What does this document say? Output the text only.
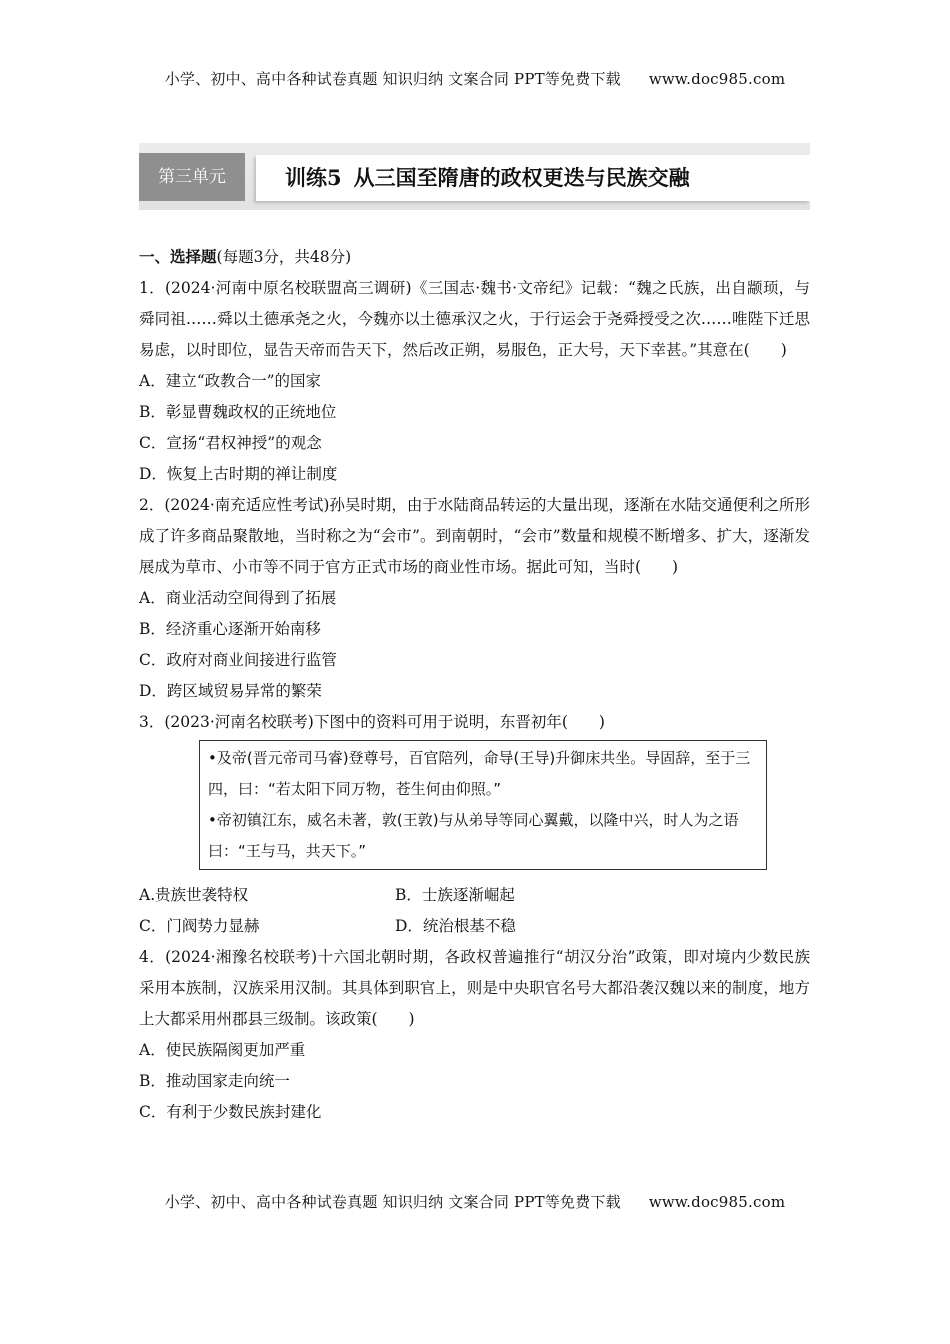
小学、初中、高中各种试卷真题 知识归纳 文案合同 PPT等免费下载 www.doc985.com
第三单元	训练5 从三国至隋唐的政权更迭与民族交融
一、选择题(每题3分，共48分)
1．(2024·河南中原名校联盟高三调研)《三国志·魏书·文帝纪》记载：“魏之氏族，出自颛顼，与舜同祖……舜以土德承尧之火，今魏亦以土德承汉之火，于行运会于尧舜授受之次……唯陛下迁思易虑，以时即位，显告天帝而告天下，然后改正朔，易服色，正大号，天下幸甚。”其意在(　　)
A．建立“政教合一”的国家
B．彰显曹魏政权的正统地位
C．宣扬“君权神授”的观念
D．恢复上古时期的禅让制度
2．(2024·南充适应性考试)孙吴时期，由于水陆商品转运的大量出现，逐渐在水陆交通便利之所形成了许多商品聚散地，当时称之为“会市”。到南朝时，“会市”数量和规模不断增多、扩大，逐渐发展成为草市、小市等不同于官方正式市场的商业性市场。据此可知，当时(　　)
A．商业活动空间得到了拓展
B．经济重心逐渐开始南移
C．政府对商业间接进行监管
D．跨区域贸易异常的繁荣
3．(2023·河南名校联考)下图中的资料可用于说明，东晋初年(　　)

•及帝(晋元帝司马睿)登尊号，百官陪列，命导(王导)升御床共坐。导固辞，至于三四，曰：“若太阳下同万物，苍生何由仰照。”

•帝初镇江东，威名未著，敦(王敦)与从弟导等同心翼戴，以隆中兴，时人为之语曰：“王与马，共天下。”

A.贵族世袭特权	B．士族逐渐崛起
C．门阀势力显赫	D．统治根基不稳
4．(2024·湘豫名校联考)十六国北朝时期，各政权普遍推行“胡汉分治”政策，即对境内少数民族采用本族制，汉族采用汉制。其具体到职官上，则是中央职官名号大都沿袭汉魏以来的制度，地方上大都采用州郡县三级制。该政策(　　)
A．使民族隔阂更加严重
B．推动国家走向统一
C．有利于少数民族封建化
小学、初中、高中各种试卷真题 知识归纳 文案合同 PPT等免费下载 www.doc985.com
